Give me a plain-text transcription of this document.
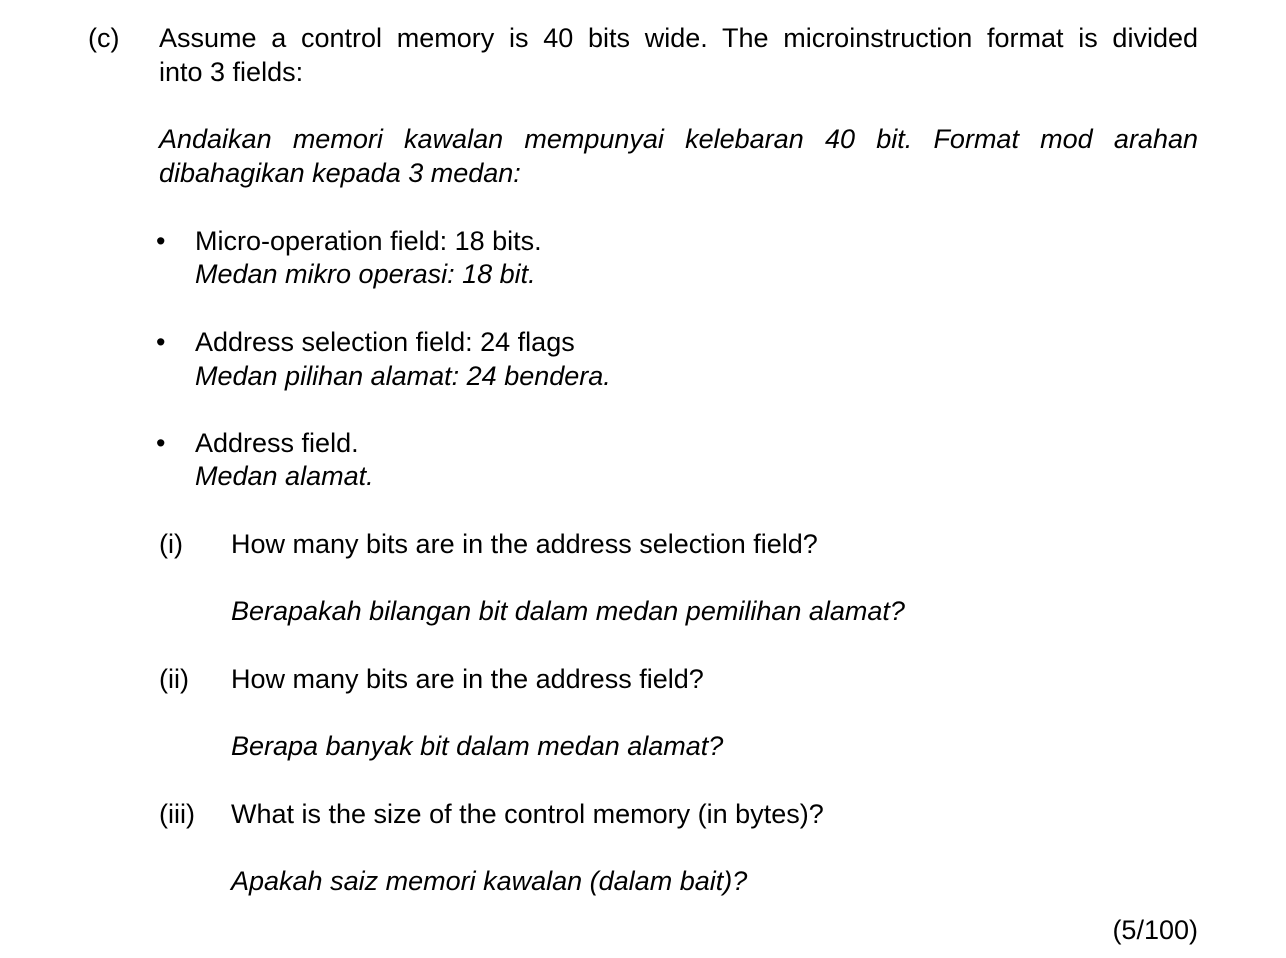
(c) Assume a control memory is 40 bits wide. The microinstruction format is divided
into 3 fields:
Andaikan memori kawalan mempunyai kelebaran 40 bit. Format mod arahan
dibahagikan kepada 3 medan:
• Micro-operation field: 18 bits.
Medan mikro operasi: 18 bit.
• Address selection field: 24 flags
Medan pilihan alamat: 24 bendera.
• Address field.
Medan alamat.
(i) How many bits are in the address selection field?
Berapakah bilangan bit dalam medan pemilihan alamat?
(ii) How many bits are in the address field?
Berapa banyak bit dalam medan alamat?
(iii) What is the size of the control memory (in bytes)?
Apakah saiz memori kawalan (dalam bait)?
(5/100)
